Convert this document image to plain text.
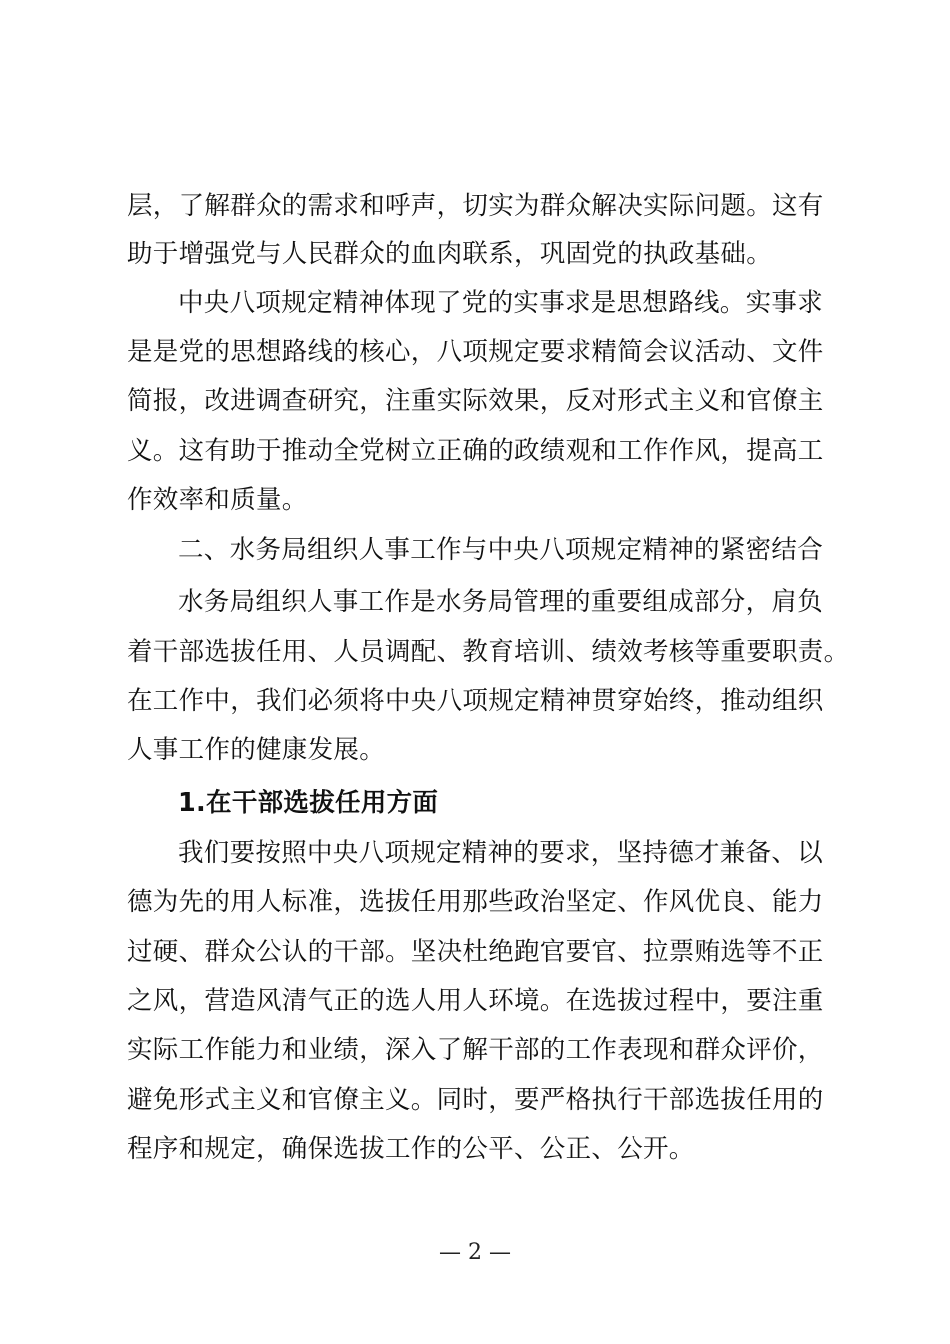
层，了解群众的需求和呼声，切实为群众解决实际问题。这有
助于增强党与人民群众的血肉联系，巩固党的执政基础。
中央八项规定精神体现了党的实事求是思想路线。实事求
是是党的思想路线的核心，八项规定要求精简会议活动、文件
简报，改进调查研究，注重实际效果，反对形式主义和官僚主
义。这有助于推动全党树立正确的政绩观和工作作风，提高工
作效率和质量。
二、水务局组织人事工作与中央八项规定精神的紧密结合
水务局组织人事工作是水务局管理的重要组成部分，肩负
着干部选拔任用、人员调配、教育培训、绩效考核等重要职责。
在工作中，我们必须将中央八项规定精神贯穿始终，推动组织
人事工作的健康发展。
1.在干部选拔任用方面
我们要按照中央八项规定精神的要求，坚持德才兼备、以
德为先的用人标准，选拔任用那些政治坚定、作风优良、能力
过硬、群众公认的干部。坚决杜绝跑官要官、拉票贿选等不正
之风，营造风清气正的选人用人环境。在选拔过程中，要注重
实际工作能力和业绩，深入了解干部的工作表现和群众评价，
避免形式主义和官僚主义。同时，要严格执行干部选拔任用的
程序和规定，确保选拔工作的公平、公正、公开。
— 2 —
